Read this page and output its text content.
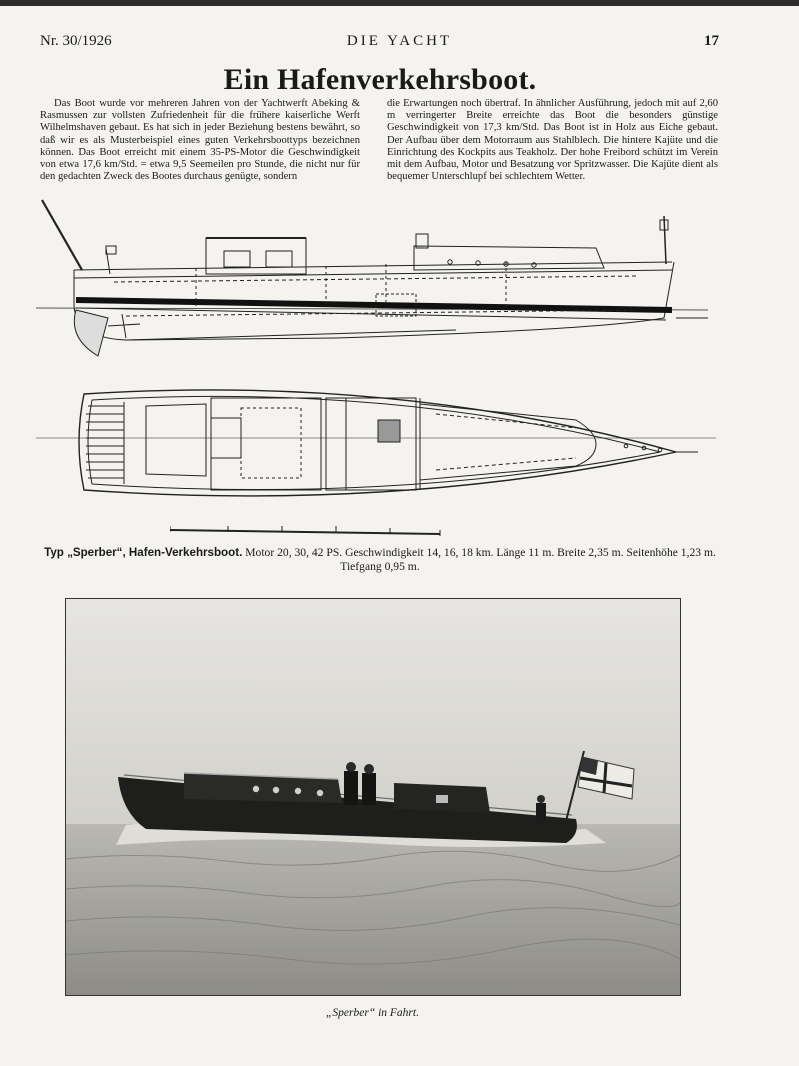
Nr. 30/1926	DIE YACHT	17
Ein Hafenverkehrsboot.
Das Boot wurde vor mehreren Jahren von der Yachtwerft Abeking & Rasmussen zur vollsten Zufriedenheit für die frühere kaiserliche Werft Wilhelmshaven gebaut. Es hat sich in jeder Beziehung bestens bewährt, so daß wir es als Musterbeispiel eines guten Verkehrsboottyps bezeichnen können. Das Boot erreicht mit einem 35-PS-Motor die Geschwindigkeit von etwa 17,6 km/Std. = etwa 9,5 Seemeilen pro Stunde, die nicht nur für den gedachten Zweck des Bootes durchaus genügte, sondern
die Erwartungen noch übertraf. In ähnlicher Ausführung, jedoch mit auf 2,60 m verringerter Breite erreichte das Boot die besonders günstige Geschwindigkeit von 17,3 km/Std. Das Boot ist in Holz aus Eiche gebaut. Der Aufbau über dem Motorraum aus Stahlblech. Die hintere Kajüte und die Einrichtung des Kockpits aus Teakholz. Der hohe Freibord schützt im Verein mit dem Aufbau, Motor und Besatzung vor Spritzwasser. Die Kajüte dient als bequemer Unterschlupf bei schlechtem Wetter.
Typ „Sperber“, Hafen-Verkehrsboot. Motor 20, 30, 42 PS. Geschwindigkeit 14, 16, 18 km. Länge 11 m. Breite 2,35 m. Seitenhöhe 1,23 m. Tiefgang 0,95 m.
„Sperber“ in Fahrt.
